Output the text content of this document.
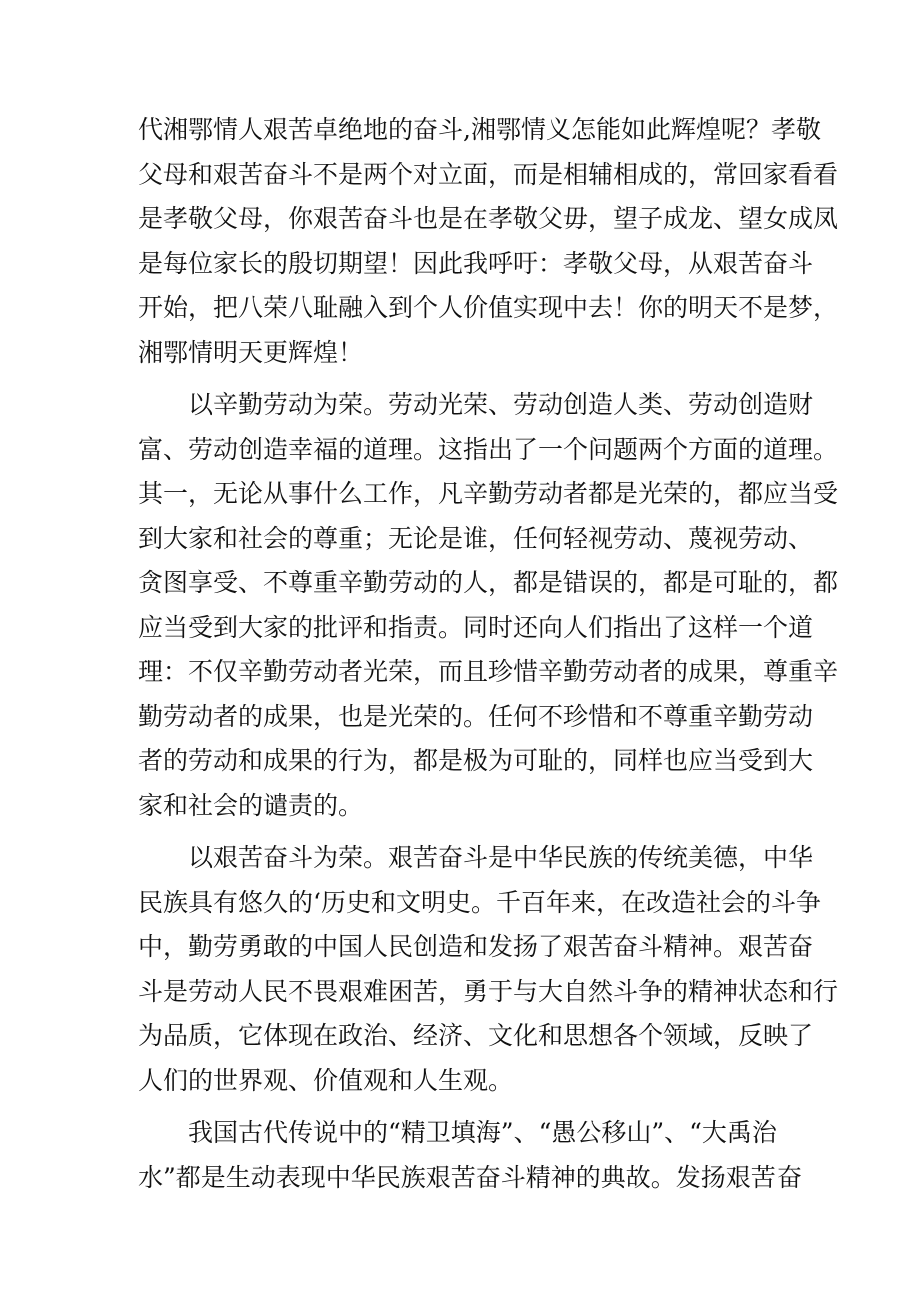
代湘鄂情人艰苦卓绝地的奋斗,湘鄂情义怎能如此辉煌 呢？孝敬
父母和艰苦奋斗不是两个对立面，而是相辅相成 的，常回家看看
是孝敬父母，你艰苦奋斗也是在孝敬父毋， 望子成龙、望女成凤
是每位家长的殷切期望！因此我呼吁： 孝敬父母，从艰苦奋斗
开始，把八荣八耻融入到个人价值实 现中去！你的明天不是梦，
湘鄂情明天更辉煌！
以辛勤劳动为荣。劳动光荣、劳动创造人类、劳动创造 财
富、劳动创造幸福的道理。这指出了一个问题两个方面的 道理。
其一，无论从事什么工作，凡辛勤劳动者都是光荣的， 都应当受
到大家和社会的尊重；无论是谁，任何轻视劳动、 蔑视劳动、
贪图享受、不尊重辛勤劳动的人，都是错误的， 都是可耻的，都
应当受到大家的批评和指责。同时还向人们 指出了这样一个道
理：不仅辛勤劳动者光荣，而且珍惜辛勤 劳动者的成果，尊重辛
勤劳动者的成果，也是光荣的。任何 不珍惜和不尊重辛勤劳动
者的劳动和成果的行为，都是极为 可耻的，同样也应当受到大
家和社会的谴责的。
以艰苦奋斗为荣。艰苦奋斗是中华民族的传统美德，中 华
民族具有悠久的‘历史和文明史。千百年来，在改造社会 的斗争
中，勤劳勇敢的中国人民创造和发扬了艰苦奋斗精 神。艰苦奋
斗是劳动人民不畏艰难困苦，勇于与大自然斗争 的精神状态和行
为品质，它体现在政治、经济、文化和思想 各个领域，反映了
人们的世界观、价值观和人生观。
我国古代传说中的“精卫填海”、“愚公移山”、“大禹治
水”都是生动表现中华民族艰苦奋斗精神的典故。发扬艰苦 奋
